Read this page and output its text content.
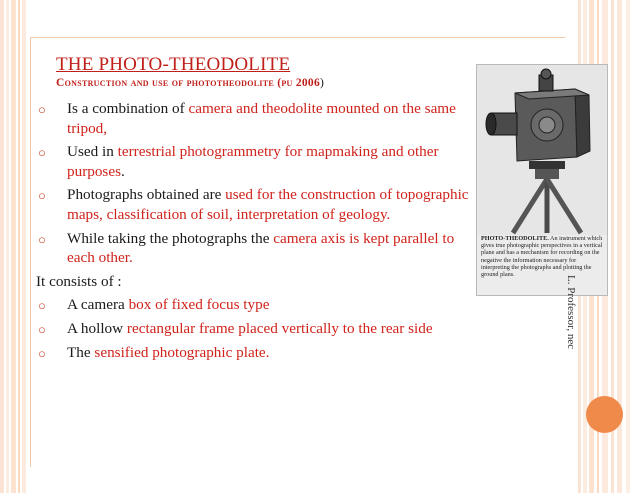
THE PHOTO-THEODOLITE

Construction and use of phototheodolite (pu 2006)

○ Is a combination of camera and theodolite mounted on the same tripod,
○ Used in terrestrial photogrammetry for mapmaking and other purposes.
○ Photographs obtained are used for the construction of topographic maps, classification of soil, interpretation of geology.
○ While taking the photographs the camera axis is kept parallel to each other.
It consists of :
○ A camera box of fixed focus type
○ A hollow rectangular frame placed vertically to the rear side
○ The sensified photographic plate.
PHOTO-THEODOLITE. An instrument which gives true photographic perspectives in a vertical plane and has a mechanism for recording on the negative the information necessary for interpreting the photographs and plotting the ground plans.
L. Professor, nec
